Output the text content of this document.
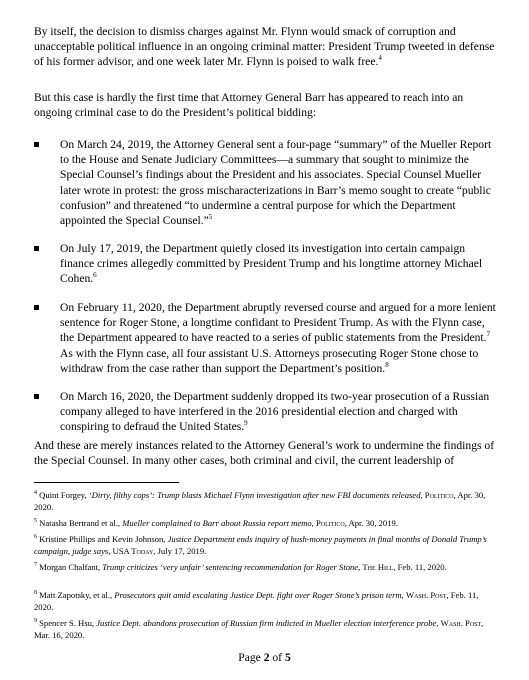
By itself, the decision to dismiss charges against Mr. Flynn would smack of corruption and unacceptable political influence in an ongoing criminal matter: President Trump tweeted in defense of his former advisor, and one week later Mr. Flynn is poised to walk free.$^4$

But this case is hardly the first time that Attorney General Barr has appeared to reach into an ongoing criminal case to do the President’s political bidding:

On March 24, 2019, the Attorney General sent a four-page “summary” of the Mueller Report to the House and Senate Judiciary Committees—a summary that sought to minimize the Special Counsel’s findings about the President and his associates. Special Counsel Mueller later wrote in protest: the gross mischaracterizations in Barr’s memo sought to create “public confusion” and threatened “to undermine a central purpose for which the Department appointed the Special Counsel.”$^5$

On July 17, 2019, the Department quietly closed its investigation into certain campaign finance crimes allegedly committed by President Trump and his longtime attorney Michael Cohen.$^6$

On February 11, 2020, the Department abruptly reversed course and argued for a more lenient sentence for Roger Stone, a longtime confidant to President Trump. As with the Flynn case, the Department appeared to have reacted to a series of public statements from the President.$^7$ As with the Flynn case, all four assistant U.S. Attorneys prosecuting Roger Stone chose to withdraw from the case rather than support the Department’s position.$^8$

On March 16, 2020, the Department suddenly dropped its two-year prosecution of a Russian company alleged to have interfered in the 2016 presidential election and charged with conspiring to defraud the United States.$^9$

And these are merely instances related to the Attorney General’s work to undermine the findings of the Special Counsel. In many other cases, both criminal and civil, the current leadership of

$^4$ Quint Forgey, ‘Dirty, filthy cops’: Trump blasts Michael Flynn investigation after new FBI documents released, Politico, Apr. 30, 2020.

$^5$ Natasha Bertrand et al., Mueller complained to Barr about Russia report memo, Politico, Apr. 30, 2019.

$^6$ Kristine Phillips and Kevin Johnson, Justice Department ends inquiry of hush-money payments in final months of Donald Trump’s campaign, judge says, USA Today, July 17, 2019.

$^7$ Morgan Chalfant, Trump criticizes ‘very unfair’ sentencing recommendation for Roger Stone, The Hill, Feb. 11, 2020.

$^8$ Matt Zapotsky, et al., Prosecutors quit amid escalating Justice Dept. fight over Roger Stone’s prison term, Wash. Post, Feb. 11, 2020.

$^9$ Spencer S. Hsu, Justice Dept. abandons prosecution of Russian firm indicted in Mueller election interference probe, Wash. Post, Mar. 16, 2020.

Page 2 of 5
